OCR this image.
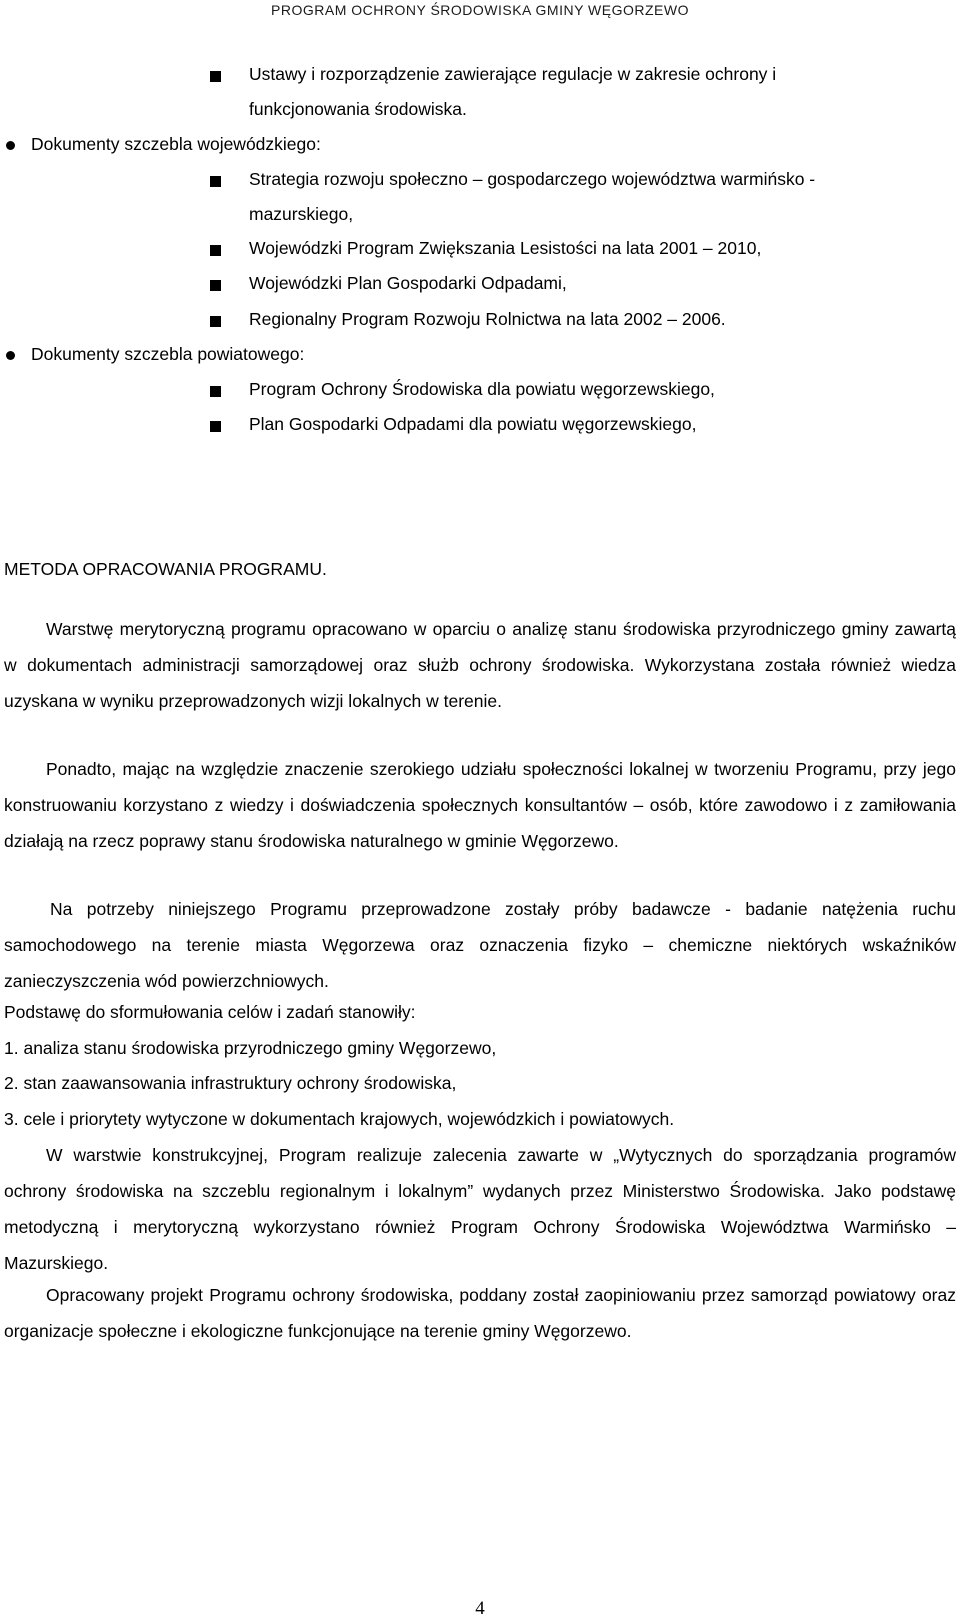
PROGRAM OCHRONY ŚRODOWISKA GMINY WĘGORZEWO
Ustawy i rozporządzenie zawierające regulacje w zakresie ochrony i
funkcjonowania środowiska.
Dokumenty szczebla wojewódzkiego:
Strategia rozwoju społeczno – gospodarczego województwa warmińsko -
mazurskiego,
Wojewódzki Program Zwiększania Lesistości na lata 2001 – 2010,
Wojewódzki Plan Gospodarki Odpadami,
Regionalny Program Rozwoju Rolnictwa na lata 2002 – 2006.
Dokumenty szczebla powiatowego:
Program Ochrony Środowiska dla powiatu węgorzewskiego,
Plan Gospodarki Odpadami dla powiatu węgorzewskiego,
METODA OPRACOWANIA PROGRAMU.
Warstwę merytoryczną programu opracowano w oparciu o analizę stanu środowiska przyrodniczego gminy zawartą w dokumentach administracji samorządowej oraz służb ochrony środowiska. Wykorzystana została również wiedza uzyskana w wyniku przeprowadzonych wizji lokalnych w terenie.
Ponadto, mając na względzie znaczenie szerokiego udziału społeczności lokalnej w tworzeniu Programu, przy jego konstruowaniu korzystano z wiedzy i doświadczenia społecznych konsultantów – osób, które zawodowo i z zamiłowania działają na rzecz poprawy stanu środowiska naturalnego w gminie Węgorzewo.
Na potrzeby niniejszego Programu przeprowadzone zostały próby badawcze - badanie natężenia ruchu samochodowego na terenie miasta Węgorzewa oraz oznaczenia fizyko – chemiczne niektórych wskaźników zanieczyszczenia wód powierzchniowych.
Podstawę do sformułowania celów i zadań stanowiły:
1. analiza stanu środowiska przyrodniczego gminy Węgorzewo,
2. stan zaawansowania infrastruktury ochrony środowiska,
3. cele i priorytety wytyczone w dokumentach krajowych, wojewódzkich i powiatowych.
W warstwie konstrukcyjnej, Program realizuje zalecenia zawarte w „Wytycznych do sporządzania programów ochrony środowiska na szczeblu regionalnym i lokalnym” wydanych przez Ministerstwo Środowiska. Jako podstawę metodyczną i merytoryczną wykorzystano również Program Ochrony Środowiska Województwa Warmińsko – Mazurskiego.
Opracowany projekt Programu ochrony środowiska, poddany został zaopiniowaniu przez samorząd powiatowy oraz organizacje społeczne i ekologiczne funkcjonujące na terenie gminy Węgorzewo.
4
